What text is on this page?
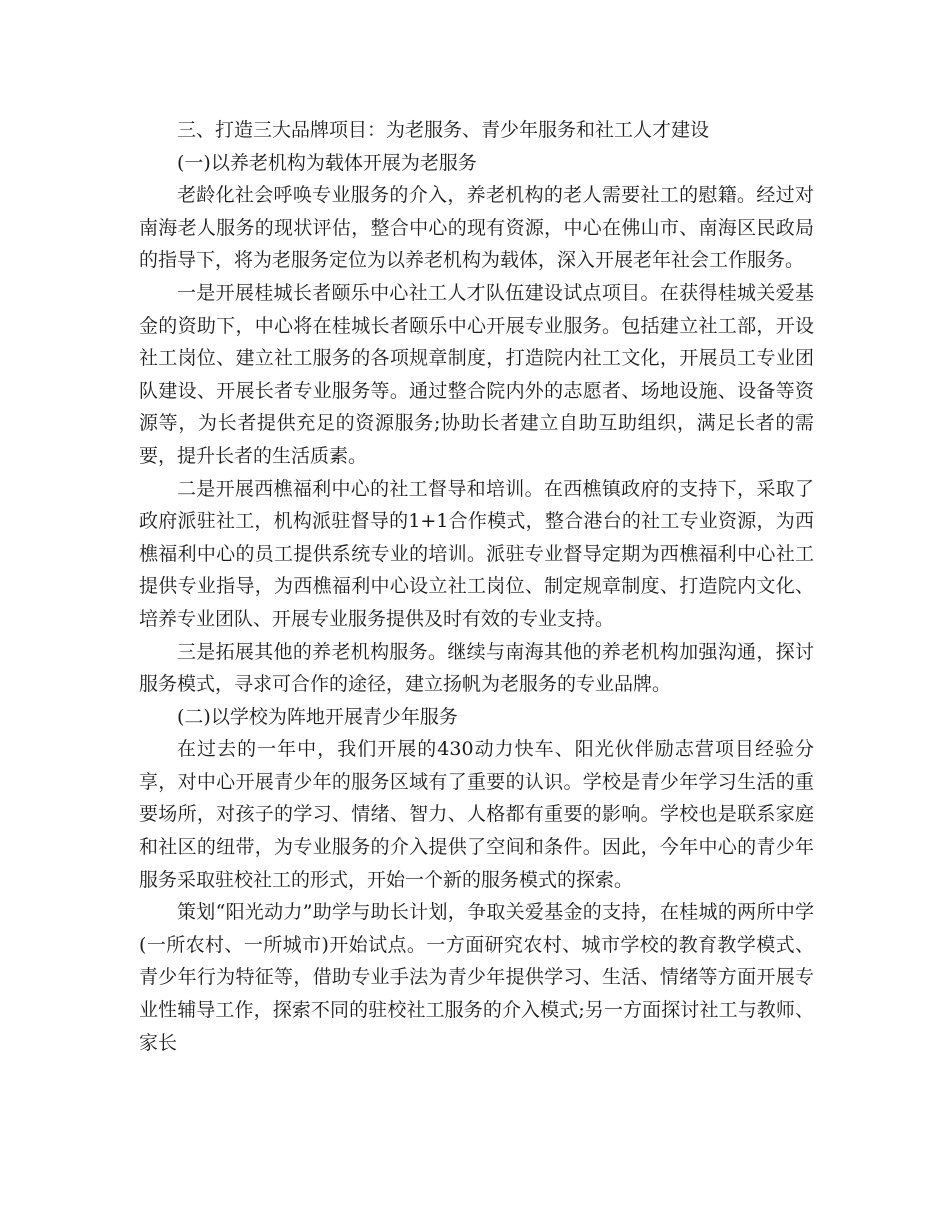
三、打造三大品牌项目：为老服务、青少年服务和社工人才建设

(一)以养老机构为载体开展为老服务

老龄化社会呼唤专业服务的介入，养老机构的老人需要社工的慰籍。经过对南海老人服务的现状评估，整合中心的现有资源，中心在佛山市、南海区民政局的指导下，将为老服务定位为以养老机构为载体，深入开展老年社会工作服务。

一是开展桂城长者颐乐中心社工人才队伍建设试点项目。在获得桂城关爱基金的资助下，中心将在桂城长者颐乐中心开展专业服务。包括建立社工部，开设社工岗位、建立社工服务的各项规章制度，打造院内社工文化，开展员工专业团队建设、开展长者专业服务等。通过整合院内外的志愿者、场地设施、设备等资源等，为长者提供充足的资源服务;协助长者建立自助互助组织，满足长者的需要，提升长者的生活质素。

二是开展西樵福利中心的社工督导和培训。在西樵镇政府的支持下，采取了政府派驻社工，机构派驻督导的1+1合作模式，整合港台的社工专业资源，为西樵福利中心的员工提供系统专业的培训。派驻专业督导定期为西樵福利中心社工提供专业指导，为西樵福利中心设立社工岗位、制定规章制度、打造院内文化、培养专业团队、开展专业服务提供及时有效的专业支持。

三是拓展其他的养老机构服务。继续与南海其他的养老机构加强沟通，探讨服务模式，寻求可合作的途径，建立扬帆为老服务的专业品牌。

(二)以学校为阵地开展青少年服务

在过去的一年中，我们开展的430动力快车、阳光伙伴励志营项目经验分享，对中心开展青少年的服务区域有了重要的认识。学校是青少年学习生活的重要场所，对孩子的学习、情绪、智力、人格都有重要的影响。学校也是联系家庭和社区的纽带，为专业服务的介入提供了空间和条件。因此，今年中心的青少年服务采取驻校社工的形式，开始一个新的服务模式的探索。

策划“阳光动力”助学与助长计划，争取关爱基金的支持，在桂城的两所中学(一所农村、一所城市)开始试点。一方面研究农村、城市学校的教育教学模式、青少年行为特征等，借助专业手法为青少年提供学习、生活、情绪等方面开展专业性辅导工作，探索不同的驻校社工服务的介入模式;另一方面探讨社工与教师、家长
